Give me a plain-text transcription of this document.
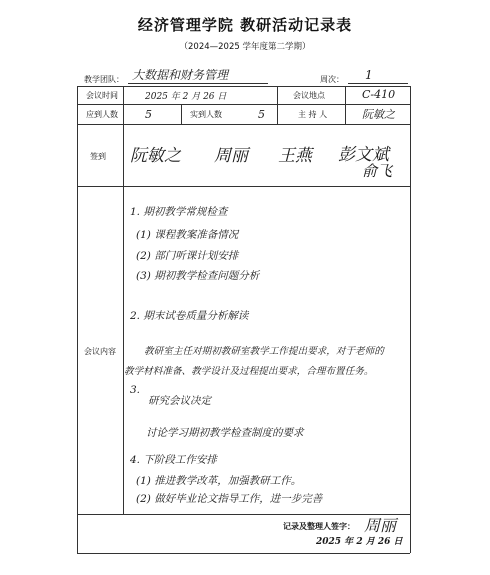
经济管理学院 教研活动记录表
（2024—2025 学年度第二学期）
教学团队： 大数据和财务管理	周次： 1
会议时间	2025 年 2 月 26 日	会议地点	C-410
应到人数 5	实到人数	5	主 持 人	阮敏之
签到 阮敏之 周丽 王燕 彭文斌
俞飞
会议内容
1. 期初教学常规检查
(1) 课程教案准备情况
(2) 部门听课计划安排
(3) 期初教学检查问题分析
2. 期末试卷质量分析解读
教研室主任对期初教研室教学工作提出要求，对于老师的
教学材料准备、教学设计及过程提出要求，合理布置任务。
3.
研究会议决定
讨论学习期初教学检查制度的要求
4. 下阶段工作安排
(1) 推进教学改革，加强教研工作。
(2) 做好毕业论文指导工作，进一步完善
记录及整理人签字： 周丽
2025 年 2 月 26 日
